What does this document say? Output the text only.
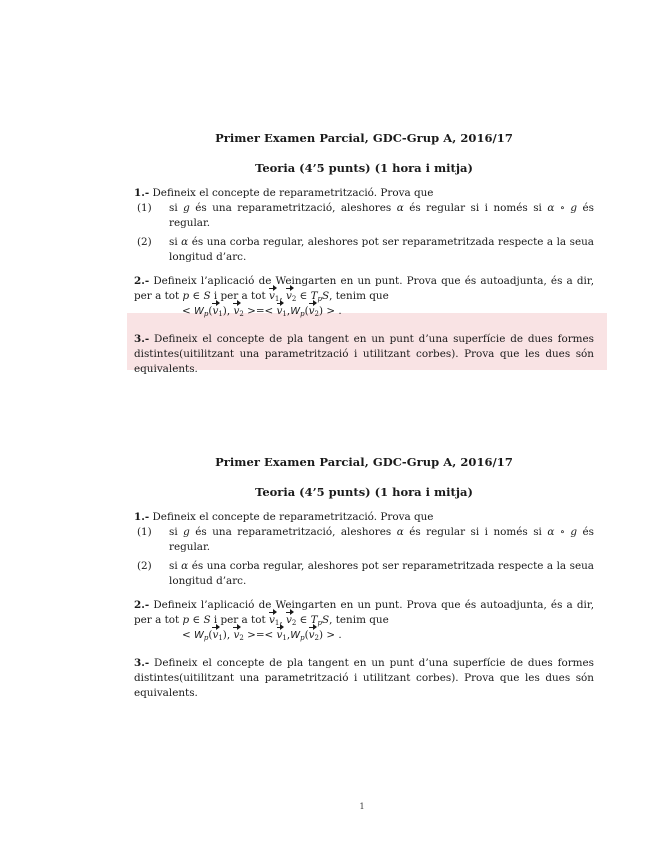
Primer Examen Parcial, GDC-Grup A, 2016/17
Teoria (4’5 punts) (1 hora i mitja)
1.- Defineix el concepte de reparametrització. Prova que
(1) si g és una reparametrització, aleshores α és regular si i només si α ∘ g és regular.
(2) si α és una corba regular, aleshores pot ser reparametritzada respecte a la seua longitud d’arc.
2.- Defineix l’aplicació de Weingarten en un punt. Prova que és autoadjunta, és a dir, per a tot p ∈ S i per a tot $v_1$, $v_2$ ∈ $T_pS$, tenim que
< $W_p(v_1)$, $v_2$ >=< $v_1,W_p(v_2)$ > .
3.- Defineix el concepte de pla tangent en un punt d’una superfície de dues formes distintes(uitilitzant una parametrització i utilitzant corbes). Prova que les dues són equivalents.
Primer Examen Parcial, GDC-Grup A, 2016/17
Teoria (4’5 punts) (1 hora i mitja)
1.- Defineix el concepte de reparametrització. Prova que
(1) si g és una reparametrització, aleshores α és regular si i només si α ∘ g és regular.
(2) si α és una corba regular, aleshores pot ser reparametritzada respecte a la seua longitud d’arc.
2.- Defineix l’aplicació de Weingarten en un punt. Prova que és autoadjunta, és a dir, per a tot p ∈ S i per a tot $v_1$, $v_2$ ∈ $T_pS$, tenim que
< $W_p(v_1)$, $v_2$ >=< $v_1,W_p(v_2)$ > .
3.- Defineix el concepte de pla tangent en un punt d’una superfície de dues formes distintes(uitilitzant una parametrització i utilitzant corbes). Prova que les dues són equivalents.
1
